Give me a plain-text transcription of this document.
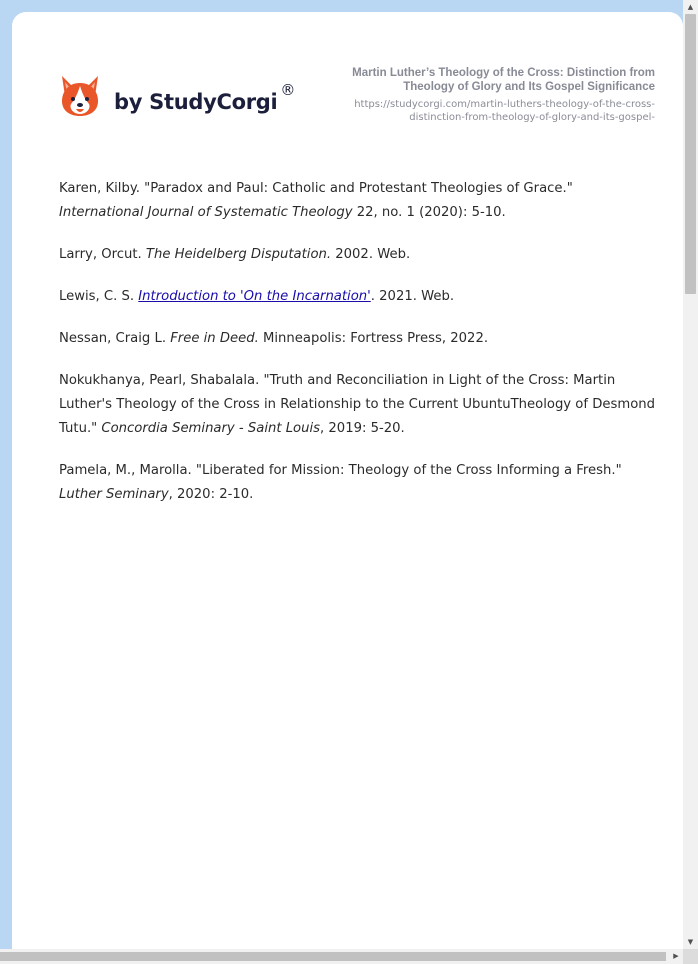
by StudyCorgi ®
Martin Luther’s Theology of the Cross: Distinction from Theology of Glory and Its Gospel Significance
https://studycorgi.com/martin-luthers-theology-of-the-cross-distinction-from-theology-of-glory-and-its-gospel-

Karen, Kilby. "Paradox and Paul: Catholic and Protestant Theologies of Grace." International Journal of Systematic Theology 22, no. 1 (2020): 5-10.

Larry, Orcut. The Heidelberg Disputation. 2002. Web.

Lewis, C. S. Introduction to 'On the Incarnation'. 2021. Web.

Nessan, Craig L. Free in Deed. Minneapolis: Fortress Press, 2022.

Nokukhanya, Pearl, Shabalala. "Truth and Reconciliation in Light of the Cross: Martin Luther's Theology of the Cross in Relationship to the Current UbuntuTheology of Desmond Tutu." Concordia Seminary - Saint Louis, 2019: 5-20.

Pamela, M., Marolla. "Liberated for Mission: Theology of the Cross Informing a Fresh." Luther Seminary, 2020: 2-10.

▲
▼
▶
